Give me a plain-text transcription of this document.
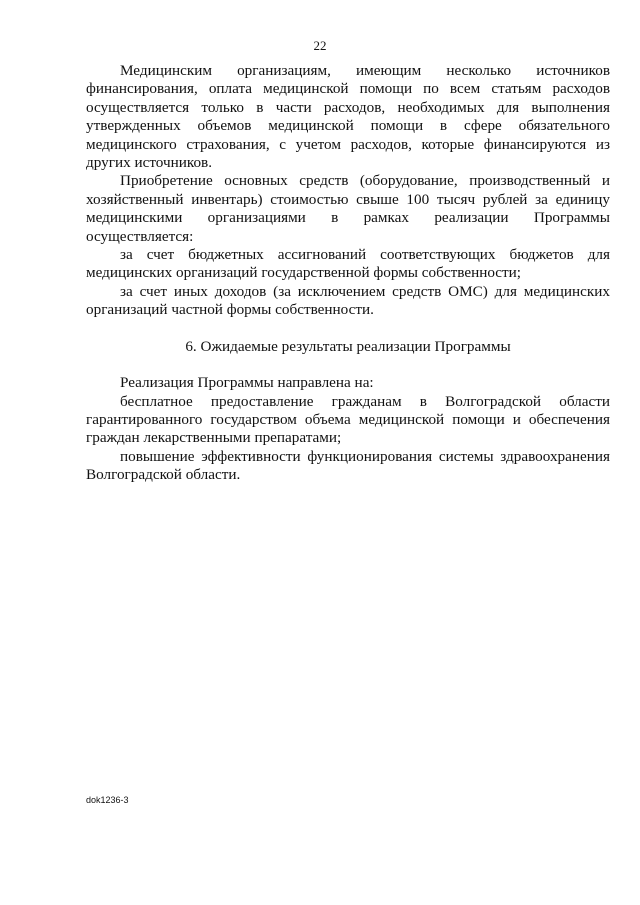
22

Медицинским организациям, имеющим несколько источников финансирования, оплата медицинской помощи по всем статьям расходов осуществляется только в части расходов, необходимых для выполнения утвержденных объемов медицинской помощи в сфере обязательного медицинского страхования, с учетом расходов, которые финансируются из других источников.

Приобретение основных средств (оборудование, производственный и хозяйственный инвентарь) стоимостью свыше 100 тысяч рублей за единицу медицинскими организациями в рамках реализации Программы осуществляется:

за счет бюджетных ассигнований соответствующих бюджетов для медицинских организаций государственной формы собственности;

за счет иных доходов (за исключением средств ОМС) для медицинских организаций частной формы собственности.

6. Ожидаемые результаты реализации Программы

Реализация Программы направлена на:

бесплатное предоставление гражданам в Волгоградской области гарантированного государством объема медицинской помощи и обеспечения граждан лекарственными препаратами;

повышение эффективности функционирования системы здравоохранения Волгоградской области.

dok1236-3
